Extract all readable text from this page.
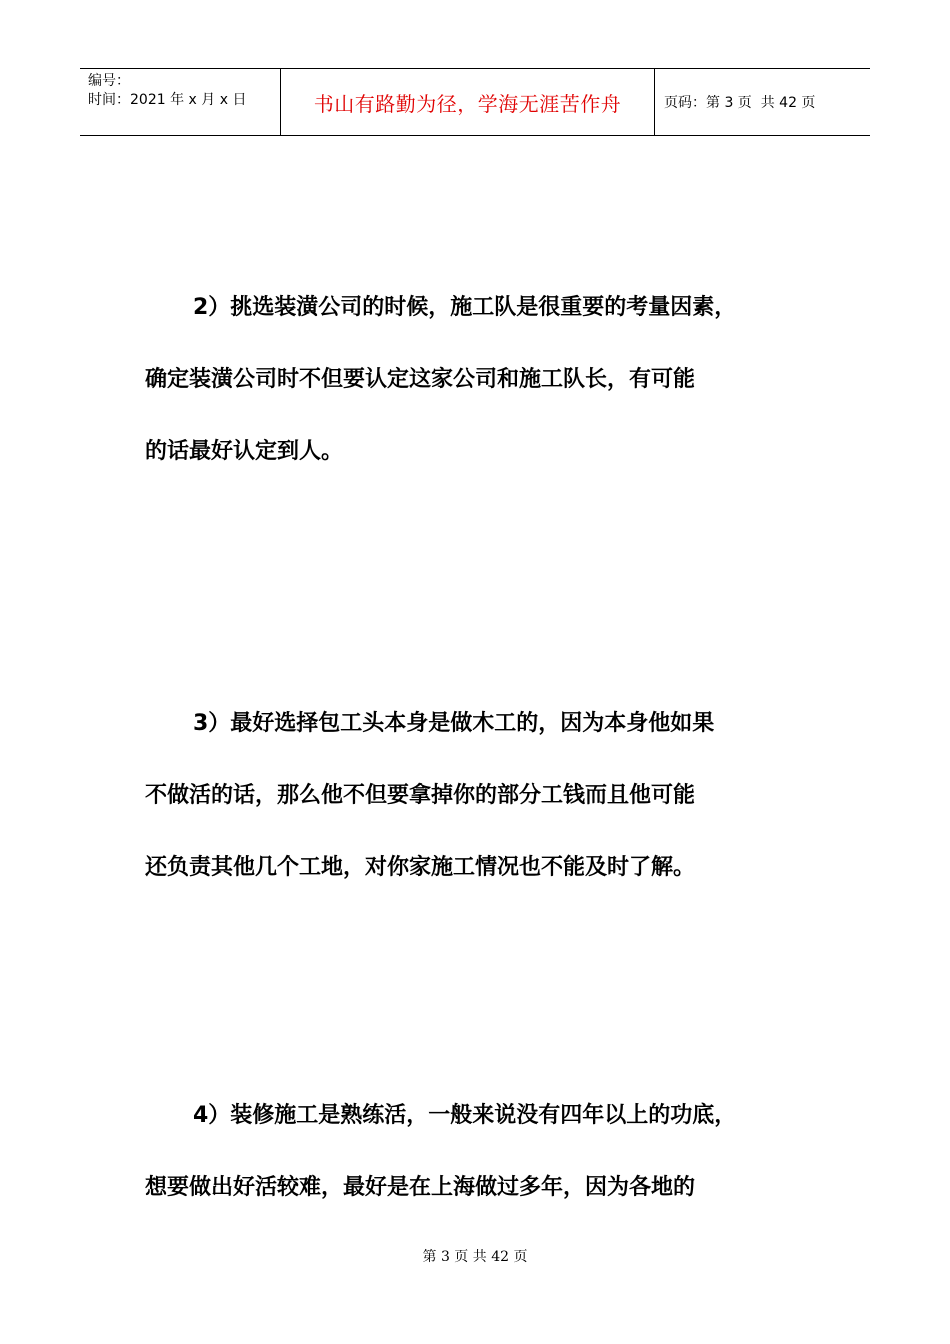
编号：
时间：2021 年 x 月 x 日	书山有路勤为径，学海无涯苦作舟	页码：第 3 页  共 42 页
2）挑选装潢公司的时候，施工队是很重要的考量因素，
确定装潢公司时不但要认定这家公司和施工队长，有可能
的话最好认定到人。
3）最好选择包工头本身是做木工的，因为本身他如果
不做活的话，那么他不但要拿掉你的部分工钱而且他可能
还负责其他几个工地，对你家施工情况也不能及时了解。
4）装修施工是熟练活，一般来说没有四年以上的功底，
想要做出好活较难，最好是在上海做过多年，因为各地的
第 3 页 共 42 页
